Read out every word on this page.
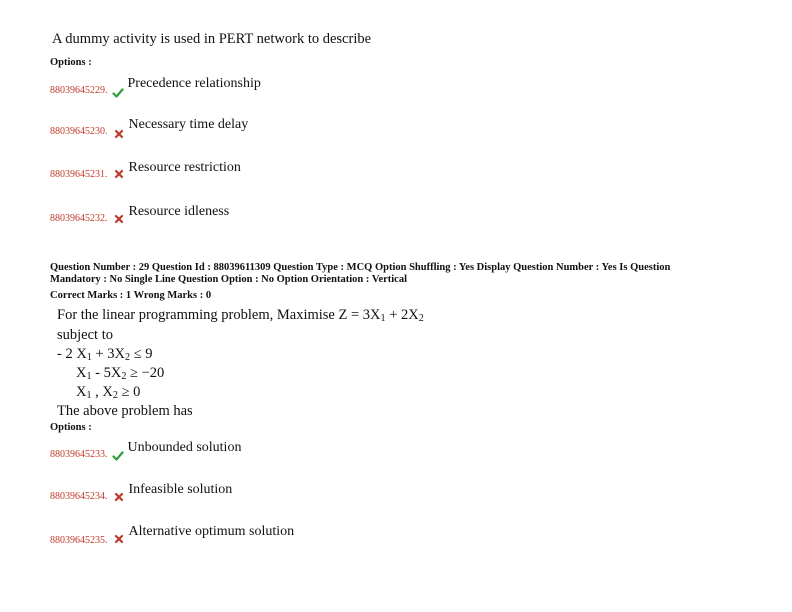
A dummy activity is used in PERT network to describe
Options :
88039645229. Precedence relationship
88039645230. Necessary time delay
88039645231. Resource restriction
88039645232. Resource idleness
Question Number : 29 Question Id : 88039611309 Question Type : MCQ Option Shuffling : Yes Display Question Number : Yes Is Question
Mandatory : No Single Line Question Option : No Option Orientation : Vertical
Correct Marks : 1 Wrong Marks : 0
For the linear programming problem, Maximise $Z = 3X_1 + 2X_2$
subject to
- 2 $X_1 + 3X_2 \le 9$
$X_1 - 5X_2 \ge -20$
$X_1$ , $X_2 \ge 0$
The above problem has
Options :
88039645233. Unbounded solution
88039645234. Infeasible solution
88039645235.
Alternative optimum solution
